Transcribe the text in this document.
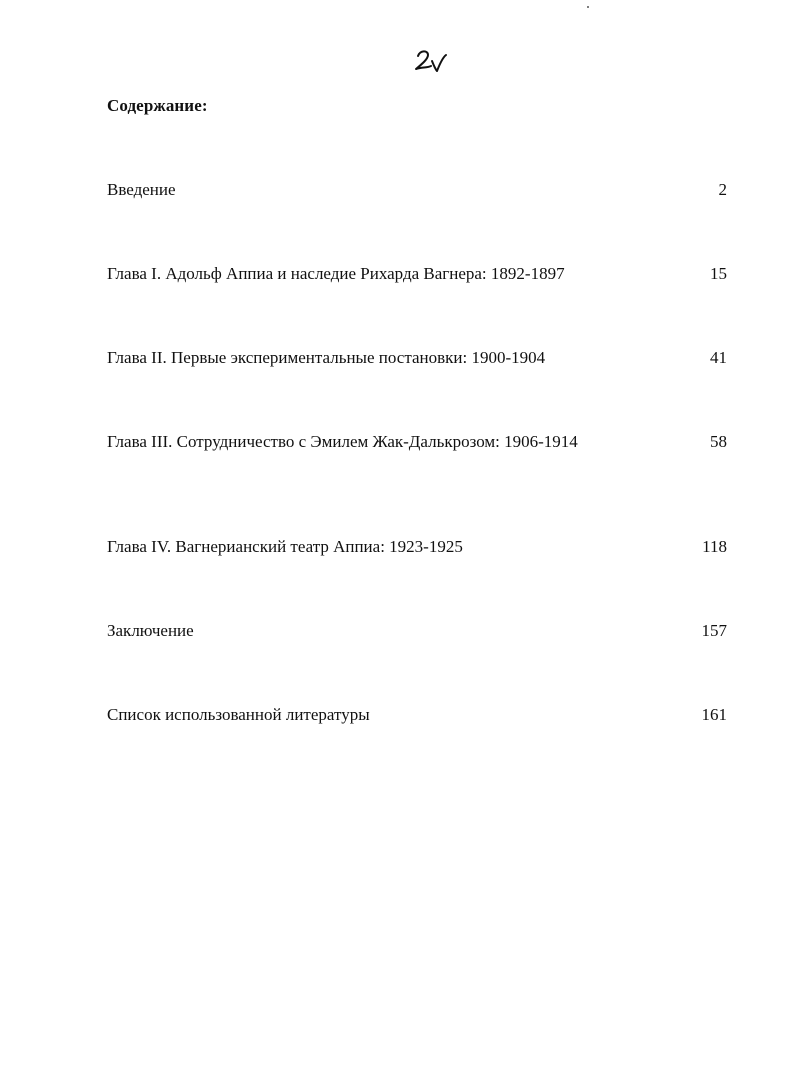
Содержание:
Введение	2
Глава I. Адольф Аппиа и наследие Рихарда Вагнера: 1892-1897	15
Глава II. Первые экспериментальные постановки: 1900-1904	41
Глава III. Сотрудничество с Эмилем Жак-Далькрозом: 1906-1914	58
Глава IV. Вагнерианский театр Аппиа: 1923-1925	118
Заключение	157
Список использованной литературы	161
